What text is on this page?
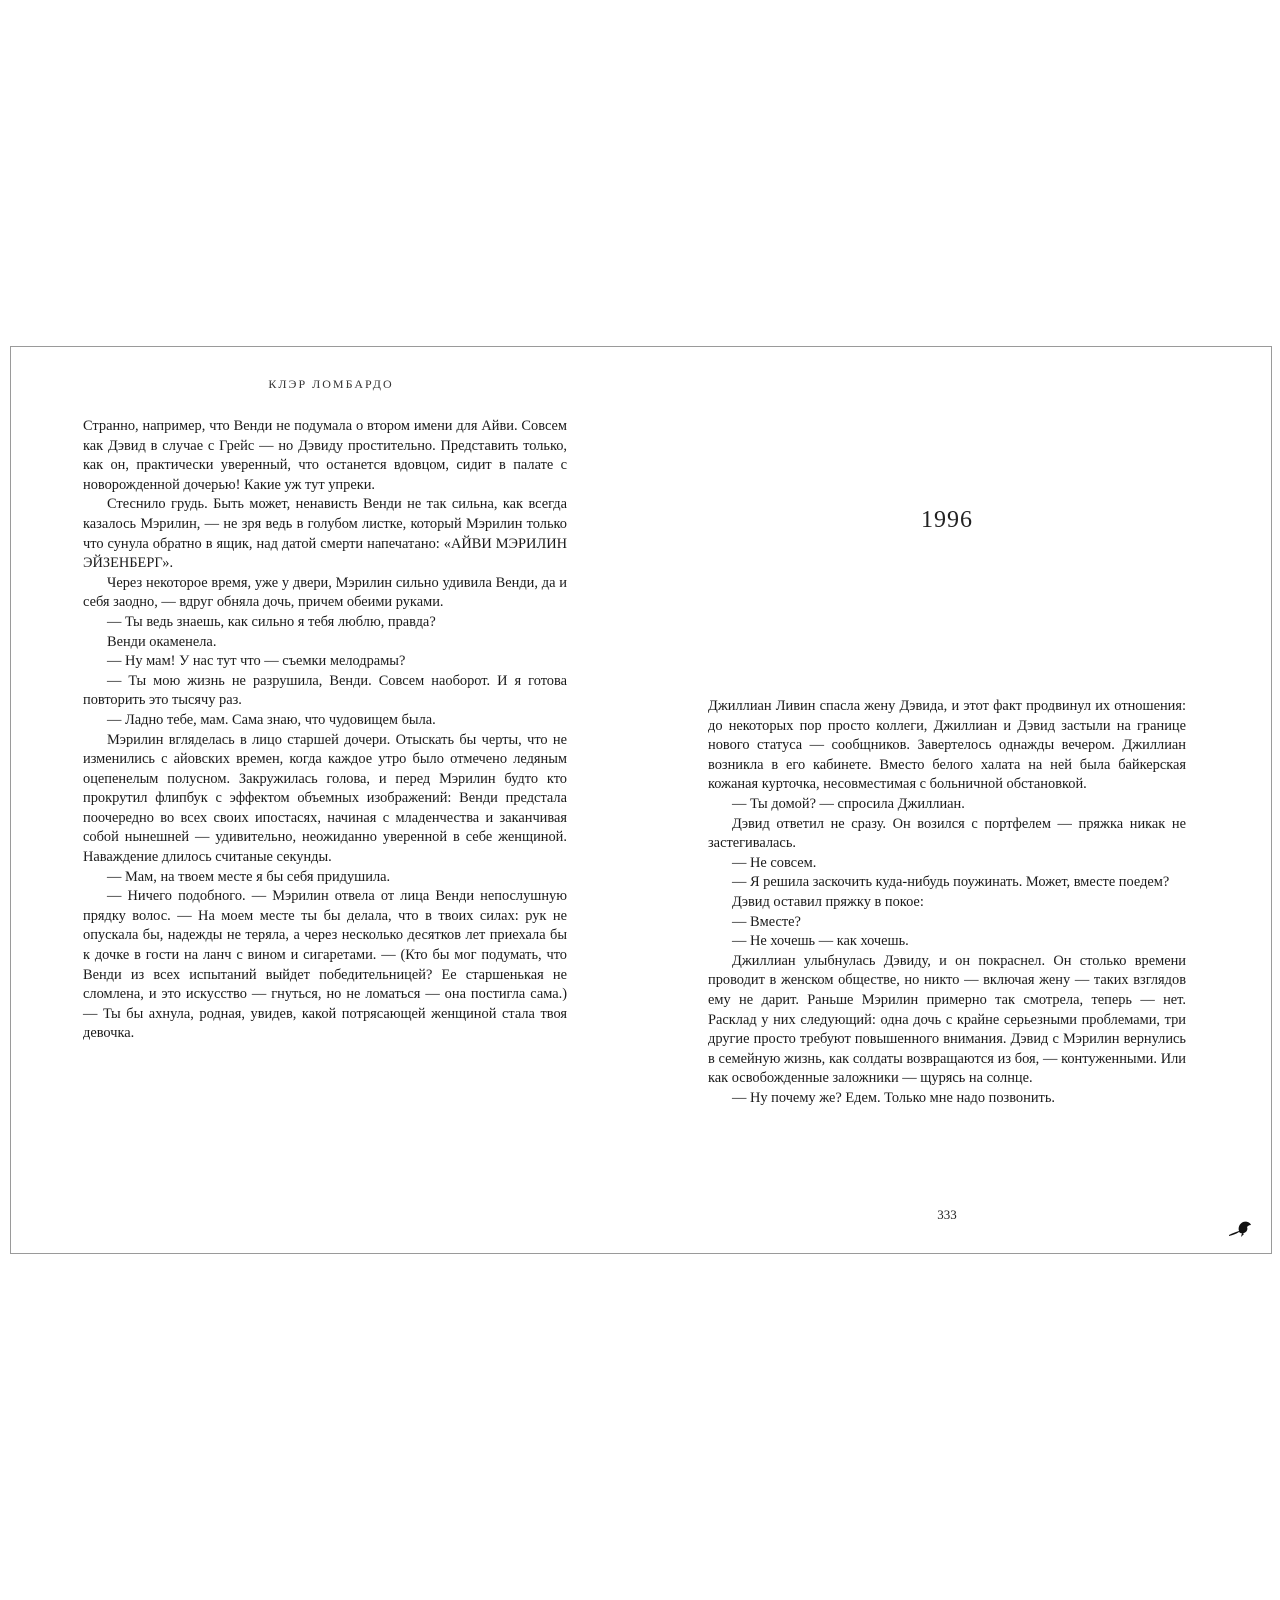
КЛЭР ЛОМБАРДО

Странно, например, что Венди не подумала о втором имени для Айви. Совсем как Дэвид в случае с Грейс — но Дэвиду простительно. Представить только, как он, практически уверенный, что останется вдовцом, сидит в палате с новорожденной дочерью! Какие уж тут упреки.

Стеснило грудь. Быть может, ненависть Венди не так сильна, как всегда казалось Мэрилин, — не зря ведь в голубом листке, который Мэрилин только что сунула обратно в ящик, над датой смерти напечатано: «АЙВИ МЭРИЛИН ЭЙЗЕНБЕРГ».

Через некоторое время, уже у двери, Мэрилин сильно удивила Венди, да и себя заодно, — вдруг обняла дочь, причем обеими руками.

— Ты ведь знаешь, как сильно я тебя люблю, правда?

Венди окаменела.

— Ну мам! У нас тут что — съемки мелодрамы?

— Ты мою жизнь не разрушила, Венди. Совсем наоборот. И я готова повторить это тысячу раз.

— Ладно тебе, мам. Сама знаю, что чудовищем была.

Мэрилин вгляделась в лицо старшей дочери. Отыскать бы черты, что не изменились с айовских времен, когда каждое утро было отмечено ледяным оцепенелым полусном. Закружилась голова, и перед Мэрилин будто кто прокрутил флипбук с эффектом объемных изображений: Венди предстала поочередно во всех своих ипостасях, начиная с младенчества и заканчивая собой нынешней — удивительно, неожиданно уверенной в себе женщиной. Наваждение длилось считаные секунды.

— Мам, на твоем месте я бы себя придушила.

— Ничего подобного. — Мэрилин отвела от лица Венди непослушную прядку волос. — На моем месте ты бы делала, что в твоих силах: рук не опускала бы, надежды не теряла, а через несколько десятков лет приехала бы к дочке в гости на ланч с вином и сигаретами. — (Кто бы мог подумать, что Венди из всех испытаний выйдет победительницей? Ее старшенькая не сломлена, и это искусство — гнуться, но не ломаться — она постигла сама.) — Ты бы ахнула, родная, увидев, какой потрясающей женщиной стала твоя девочка.

1996

Джиллиан Ливин спасла жену Дэвида, и этот факт продвинул их отношения: до некоторых пор просто коллеги, Джиллиан и Дэвид застыли на границе нового статуса — сообщников. Завертелось однажды вечером. Джиллиан возникла в его кабинете. Вместо белого халата на ней была байкерская кожаная курточка, несовместимая с больничной обстановкой.

— Ты домой? — спросила Джиллиан.

Дэвид ответил не сразу. Он возился с портфелем — пряжка никак не застегивалась.

— Не совсем.

— Я решила заскочить куда-нибудь поужинать. Может, вместе поедем?

Дэвид оставил пряжку в покое:

— Вместе?

— Не хочешь — как хочешь.

Джиллиан улыбнулась Дэвиду, и он покраснел. Он столько времени проводит в женском обществе, но никто — включая жену — таких взглядов ему не дарит. Раньше Мэрилин примерно так смотрела, теперь — нет. Расклад у них следующий: одна дочь с крайне серьезными проблемами, три другие просто требуют повышенного внимания. Дэвид с Мэрилин вернулись в семейную жизнь, как солдаты возвращаются из боя, — контуженными. Или как освобожденные заложники — щурясь на солнце.

— Ну почему же? Едем. Только мне надо позвонить.

333
